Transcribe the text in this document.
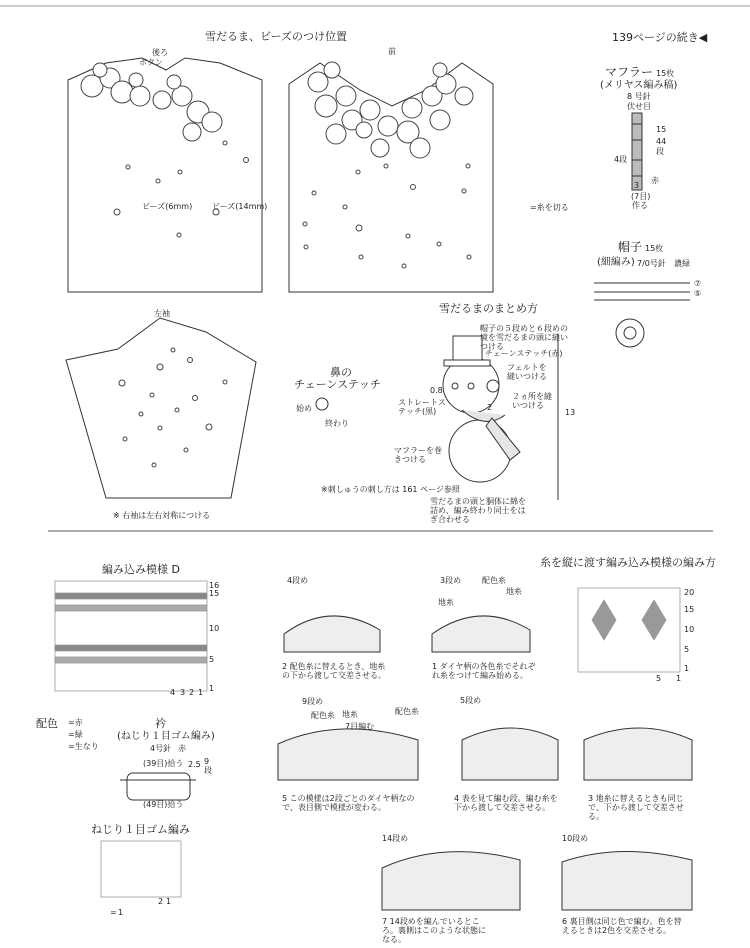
雪だるま、ビーズのつけ位置	139ページの続き◀
後ろ
ボタン
ビーズ(6mm) ビーズ(14mm)
前
左袖
※ 右袖は左右対称につける
=糸を切る
マフラー 15枚
(メリヤス編み稿)
8 号針
伏せ目
15
44
段
4段
赤
3
(7目)
作る
帽子 15枚
(細編み) 7/0号針 濃緑
⑦
⑤
雪だるまのまとめ方
帽子の５段めと６段めの境を雪だるまの頭に縫いつける
チェーンステッチ(赤)
フェルトを縫いつける
２ヵ所を縫いつける
ストレートステッチ(黒)
マフラーを巻きつける
0.8
2
13
鼻の
チェーンステッチ
始め
終わり
※刺しゅうの刺し方は 161 ページ参照
雪だるまの頭と胴体に綿を詰め、編み終わり同士をはぎ合わせる
編み込み模様 D
16
15
10
5
1
4 3 2 1
配色 =赤
=緑
=生なり
衿
(ねじり１目ゴム編み)
4号針 赤
(39目)拾う
(49目)拾う
2.5 9
段
ねじり１目ゴム編み
2 1
= 1
糸を縦に渡す編み込み模様の編み方
20
15
10
5
1
5 1
4段め
2 配色糸に替えるとき、地糸の下から渡して交差させる。
3段め	配色糸
地糸
地糸
1 ダイヤ柄の各色糸でそれぞれ糸をつけて編み始める。
9段め
配色糸 地糸
7目編む
配色糸
5 この模様は2段ごとのダイヤ柄なので、表目側で模様が変わる。
5段め
4 表を見て編む段。編む糸を下から渡して交差させる。
3 地糸に替えるときも同じで、下から渡して交差させる。
14段め
7 14段めを編んでいるところ。裏側はこのような状態になる。
10段め
6 裏目側は同じ色で編む。色を替えるときは2色を交差させる。
